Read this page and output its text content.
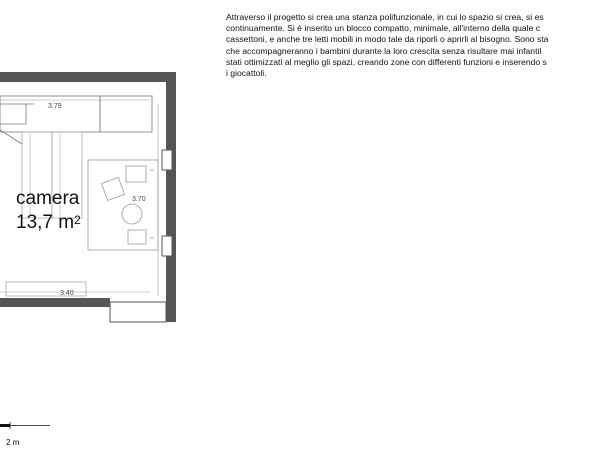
Attraverso il progetto si crea una stanza polifunzionale, in cui lo spazio si crea, si es
continuamente. Si è inserito un blocco compatto, minimale, all'interno della quale c
cassettoni, e anche tre letti mobili in modo tale da riporli o aprirli al bisogno. Sono sta
che accompagneranno i bambini durante la loro crescita senza risultare mai infantil
stati ottimizzati al meglio gli spazi, creando zone con differenti funzioni e inserendo s
i giocattoli.
camera
13,7 $m^2$
3.79
3.70
3.40
2 m
